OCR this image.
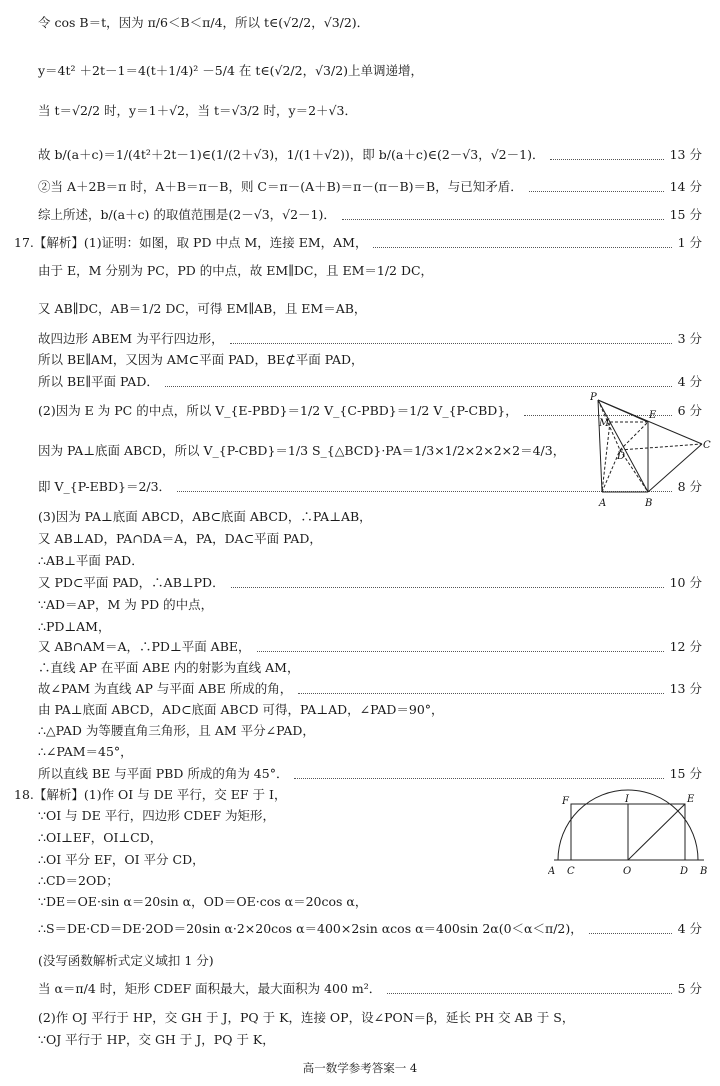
令 cos B＝t，因为 π/6＜B＜π/4，所以 t∈(√2/2，√3/2)．
y＝4t² ＋2t－1＝4(t＋1/4)² －5/4 在 t∈(√2/2，√3/2)上单调递增，
当 t＝√2/2 时，y＝1＋√2，当 t＝√3/2 时，y＝2＋√3．
故 b/(a＋c)＝1/(4t²＋2t－1)∈(1/(2＋√3)，1/(1＋√2))，即 b/(a＋c)∈(2－√3，√2－1)．	13 分
②当 A＋2B＝π 时，A＋B＝π－B，则 C＝π－(A＋B)＝π－(π－B)＝B，与已知矛盾．	14 分
综上所述，b/(a＋c) 的取值范围是(2－√3，√2－1)．	15 分
17.【解析】(1)证明：如图，取 PD 中点 M，连接 EM，AM，	1 分
由于 E，M 分别为 PC，PD 的中点，故 EM∥DC，且 EM＝1/2 DC，
又 AB∥DC，AB＝1/2 DC，可得 EM∥AB，且 EM＝AB，
故四边形 ABEM 为平行四边形，	3 分
所以 BE∥AM，又因为 AM⊂平面 PAD，BE⊄平面 PAD，
所以 BE∥平面 PAD．	4 分
(2)因为 E 为 PC 的中点，所以 V_{E-PBD}＝1/2 V_{C-PBD}＝1/2 V_{P-CBD}，	6 分
因为 PA⊥底面 ABCD，所以 V_{P-CBD}＝1/3 S_{△BCD}·PA＝1/3×1/2×2×2×2＝4/3，
即 V_{P-EBD}＝2/3．	8 分
(3)因为 PA⊥底面 ABCD，AB⊂底面 ABCD，∴PA⊥AB，
又 AB⊥AD，PA∩DA＝A，PA，DA⊂平面 PAD，
∴AB⊥平面 PAD．
又 PD⊂平面 PAD，∴AB⊥PD．	10 分
∵AD＝AP，M 为 PD 的中点，
∴PD⊥AM，
又 AB∩AM＝A，∴PD⊥平面 ABE，	12 分
∴直线 AP 在平面 ABE 内的射影为直线 AM，
故∠PAM 为直线 AP 与平面 ABE 所成的角，	13 分
由 PA⊥底面 ABCD，AD⊂底面 ABCD 可得，PA⊥AD，∠PAD＝90°，
∴△PAD 为等腰直角三角形，且 AM 平分∠PAD，
∴∠PAM＝45°，
所以直线 BE 与平面 PBD 所成的角为 45°．	15 分
18.【解析】(1)作 OI 与 DE 平行，交 EF 于 I，
∵OI 与 DE 平行，四边形 CDEF 为矩形，
∴OI⊥EF，OI⊥CD，
∴OI 平分 EF，OI 平分 CD，
∴CD＝2OD；
∵DE＝OE·sin α＝20sin α，OD＝OE·cos α＝20cos α，
∴S＝DE·CD＝DE·2OD＝20sin α·2×20cos α＝400×2sin αcos α＝400sin 2α(0＜α＜π/2)，	4 分
(没写函数解析式定义域扣 1 分)
当 α＝π/4 时，矩形 CDEF 面积最大，最大面积为 400 m²．	5 分
(2)作 OJ 平行于 HP，交 GH 于 J，PQ 于 K，连接 OP，设∠PON＝β，延长 PH 交 AB 于 S，
∵OJ 平行于 HP，交 GH 于 J，PQ 于 K，
P
M
E
D
C
A	B
F	I	E
A C	O	D B
高一数学参考答案一 4
